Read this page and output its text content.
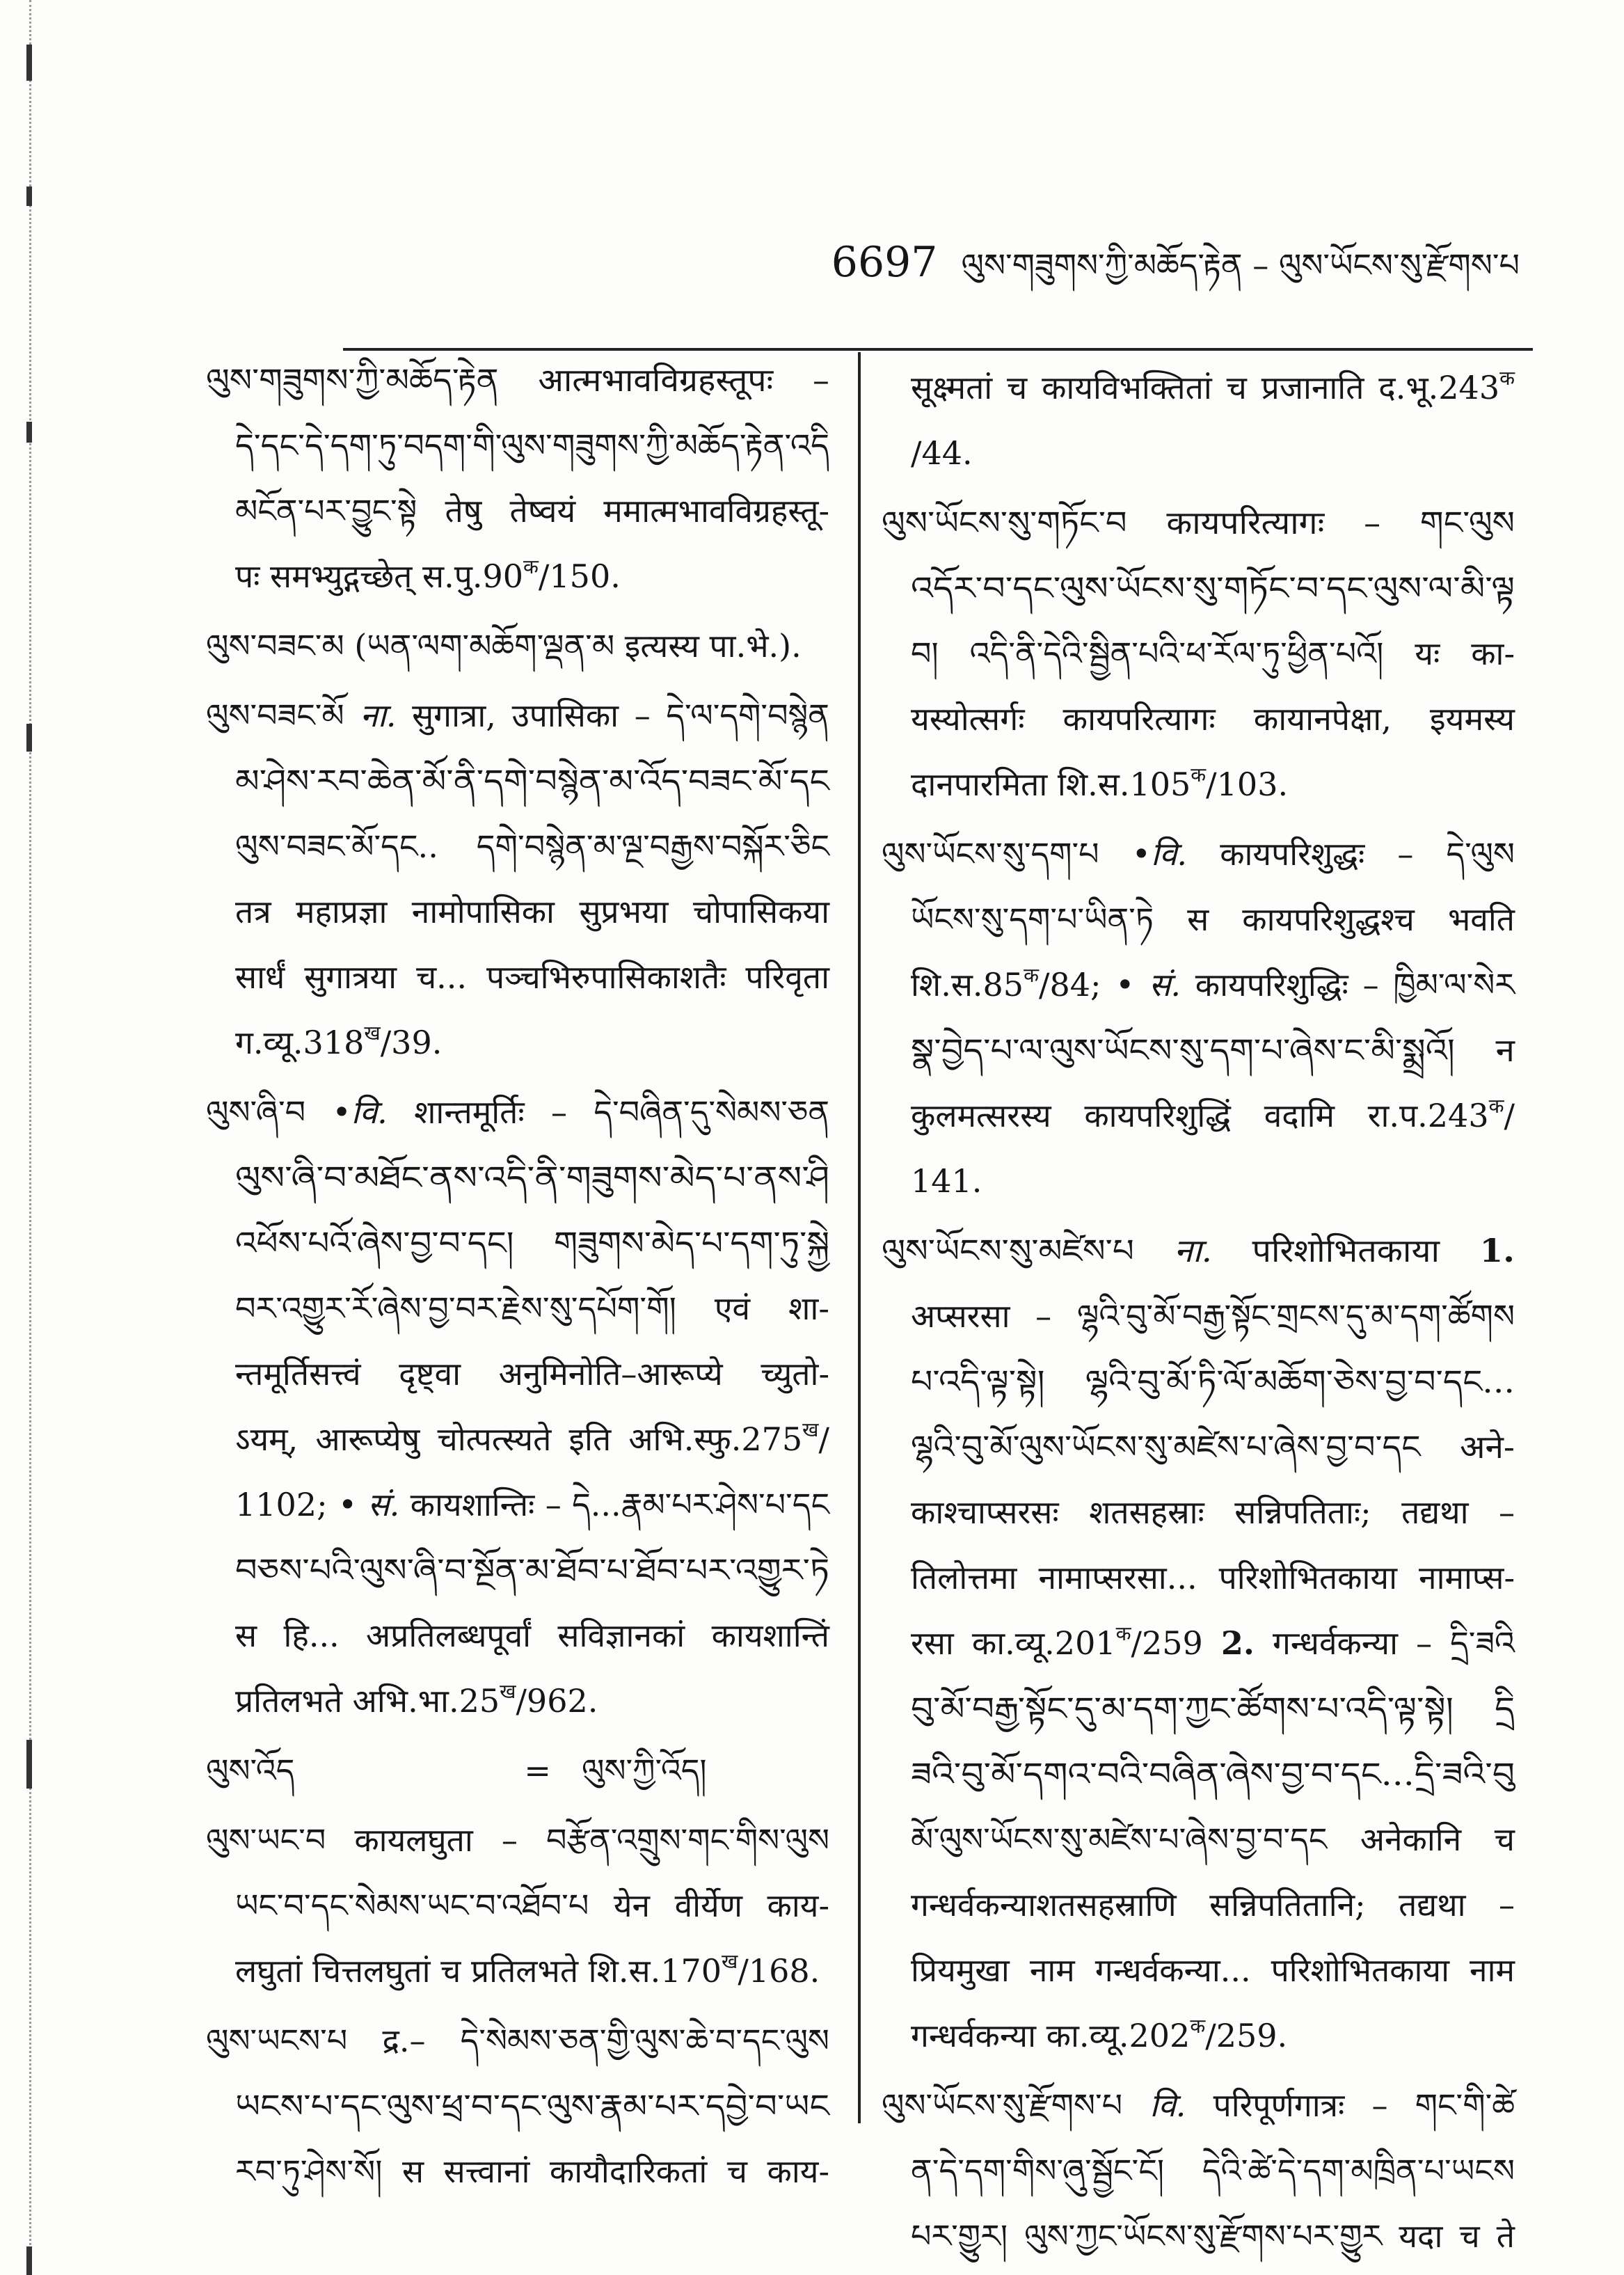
6697 ལུས་གཟུགས་ཀྱི་མཆོད་རྟེན – ལུས་ཡོངས་སུ་རྫོགས་པ
ལུས་གཟུགས་ཀྱི་མཆོད་རྟེན आत्मभावविग्रहस्तूपः –
དེ་དང་དེ་དག་ཏུ་བདག་གི་ལུས་གཟུགས་ཀྱི་མཆོད་རྟེན་འདི
མངོན་པར་བྱུང་སྟེ तेषु तेष्वयं ममात्मभावविग्रहस्तू-
पः समभ्युद्गच्छेत् $स.पु.90^क/150$.
ལུས་བཟང་མ (ཡན་ལག་མཆོག་ལྡན་མ इत्यस्य पा.भे.).
ལུས་བཟང་མོ ना. सुगात्रा, उपासिका – དེ་ལ་དགེ་བསྙེན
མ་ཤེས་རབ་ཆེན་མོ་ནི་དགེ་བསྙེན་མ་འོད་བཟང་མོ་དང
ལུས་བཟང་མོ་དང.. དགེ་བསྙེན་མ་ལྔ་བརྒྱས་བསྐོར་ཅིང
तत्र महाप्रज्ञा नामोपासिका सुप्रभया चोपासिकया
सार्धं सुगात्रया च... पञ्चभिरुपासिकाशतैः परिवृता
$ग.व्यू.318^ख/39$.
ལུས་ཞི་བ •वि. शान्तमूर्तिः – དེ་བཞིན་དུ་སེམས་ཅན
ལུས་ཞི་བ་མཐོང་ནས་འདི་ནི་གཟུགས་མེད་པ་ནས་ཤི
འཕོས་པའོ་ཞེས་བྱ་བ་དང། གཟུགས་མེད་པ་དག་ཏུ་སྐྱེ
བར་འགྱུར་རོ་ཞེས་བྱ་བར་རྗེས་སུ་དཔོག་གོ། एवं शा-
न्तमूर्तिसत्त्वं दृष्ट्वा अनुमिनोति–आरूप्ये च्युतो-
ऽयम्, आरूप्येषु चोत्पत्स्यते इति $अभि.स्फु.275^ख/$
1102; • सं. कायशान्तिः – དེ...རྣམ་པར་ཤེས་པ་དང
བཅས་པའི་ལུས་ཞི་བ་སྔོན་མ་ཐོབ་པ་ཐོབ་པར་འགྱུར་ཏེ
स हि... अप्रतिलब्धपूर्वां सविज्ञानकां कायशान्तिं
प्रतिलभते $अभि.भा.25^ख/962$.
ལུས་འོད	= ལུས་ཀྱི་འོད།
ལུས་ཡང་བ कायलघुता – བརྩོན་འགྲུས་གང་གིས་ལུས
ཡང་བ་དང་སེམས་ཡང་བ་འཐོབ་པ येन वीर्येण काय-
लघुतां चित्तलघुतां च प्रतिलभते $शि.स.170^ख/168$.
ལུས་ཡངས་པ द्र.– དེ་སེམས་ཅན་གྱི་ལུས་ཆེ་བ་དང་ལུས
ཡངས་པ་དང་ལུས་ཕྲ་བ་དང་ལུས་རྣམ་པར་དབྱེ་བ་ཡང
རབ་ཏུ་ཤེས་སོ། स सत्त्वानां कायौदारिकतां च काय-
सूक्ष्मतां च कायविभक्तितां च प्रजानाति $द.भू.243^क$
/44.
ལུས་ཡོངས་སུ་གཏོང་བ कायपरित्यागः – གང་ལུས
འདོར་བ་དང་ལུས་ཡོངས་སུ་གཏོང་བ་དང་ལུས་ལ་མི་ལྟ
བ། འདི་ནི་དེའི་སྦྱིན་པའི་ཕ་རོལ་ཏུ་ཕྱིན་པའོ། यः का-
यस्योत्सर्गः कायपरित्यागः कायानपेक्षा, इयमस्य
दानपारमिता $शि.स.105^क/103$.
ལུས་ཡོངས་སུ་དག་པ •वि. कायपरिशुद्धः – དེ་ལུས
ཡོངས་སུ་དག་པ་ཡིན་ཏེ स कायपरिशुद्धश्च भवति
$शि.स.85^क/84$; • सं. कायपरिशुद्धिः – ཁྱིམ་ལ་སེར
སྣ་བྱེད་པ་ལ་ལུས་ཡོངས་སུ་དག་པ་ཞེས་ང་མི་སྨྲའོ། न
कुलमत्सरस्य कायपरिशुद्धिं वदामि $रा.प.243^क/$
141.
ལུས་ཡོངས་སུ་མཛེས་པ ना. परिशोभितकाया 1.
अप्सरसा – ལྷའི་བུ་མོ་བརྒྱ་སྟོང་གྲངས་དུ་མ་དག་ཚོགས
པ་འདི་ལྟ་སྟེ། ལྷའི་བུ་མོ་ཏི་ལོ་མཆོག་ཅེས་བྱ་བ་དང...
ལྷའི་བུ་མོ་ལུས་ཡོངས་སུ་མཛེས་པ་ཞེས་བྱ་བ་དང अने-
काश्चाप्सरसः शतसहस्राः सन्निपतिताः; तद्यथा –
तिलोत्तमा नामाप्सरसा... परिशोभितकाया नामाप्स-
रसा $का.व्यू.201^क/259$ 2. गन्धर्वकन्या – དྲི་ཟའི
བུ་མོ་བརྒྱ་སྟོང་དུ་མ་དག་ཀྱང་ཚོགས་པ་འདི་ལྟ་སྟེ། དྲི
ཟའི་བུ་མོ་དགའ་བའི་བཞིན་ཞེས་བྱ་བ་དང...དྲི་ཟའི་བུ
མོ་ལུས་ཡོངས་སུ་མཛེས་པ་ཞེས་བྱ་བ་དང अनेकानि च
गन्धर्वकन्याशतसहस्राणि सन्निपतितानि; तद्यथा –
प्रियमुखा नाम गन्धर्वकन्या... परिशोभितकाया नाम
गन्धर्वकन्या $का.व्यू.202^क/259$.
ལུས་ཡོངས་སུ་རྫོགས་པ वि. परिपूर्णगात्रः – གང་གི་ཚེ
ན་དེ་དག་གིས་ཞུ་སྦྱོང་ངོ། དེའི་ཚེ་དེ་དག་མཁྲིན་པ་ཡངས
པར་གྱུར། ལུས་ཀྱང་ཡོངས་སུ་རྫོགས་པར་གྱུར यदा च ते
